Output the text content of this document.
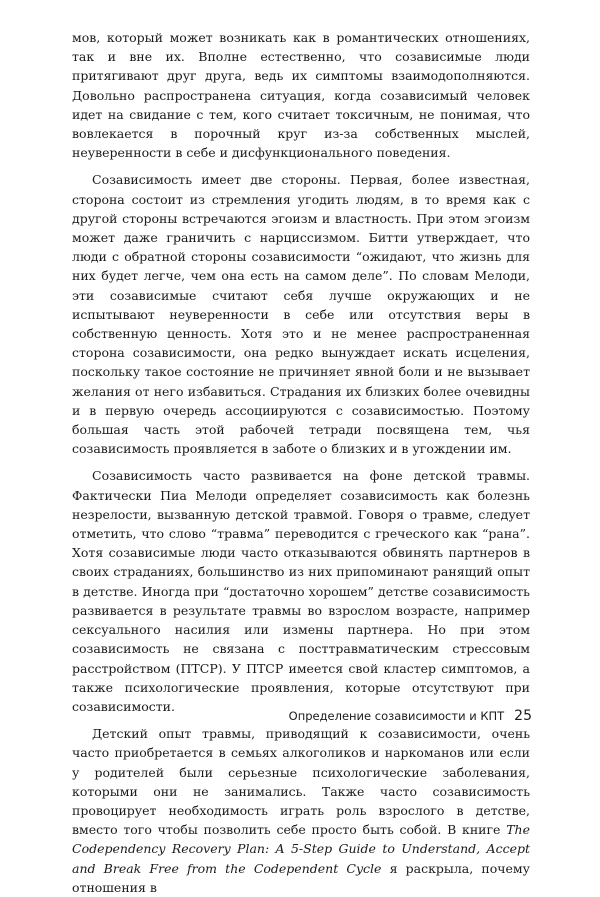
мов, который может возникать как в романтических отношениях, так и вне их. Вполне естественно, что созависимые люди притягивают друг друга, ведь их симптомы взаимодополняются. Довольно распространена ситуация, когда созависимый человек идет на свидание с тем, кого считает токсичным, не понимая, что вовлекается в порочный круг из-за собственных мыслей, неуверенности в себе и дисфункционального поведения.

Созависимость имеет две стороны. Первая, более известная, сторона состоит из стремления угодить людям, в то время как с другой стороны встречаются эгоизм и властность. При этом эгоизм может даже граничить с нарциссизмом. Битти утверждает, что люди с обратной стороны созависимости “ожидают, что жизнь для них будет легче, чем она есть на самом деле”. По словам Мелоди, эти созависимые считают себя лучше окружающих и не испытывают неуверенности в себе или отсутствия веры в собственную ценность. Хотя это и не менее распространенная сторона созависимости, она редко вынуждает искать исцеления, поскольку такое состояние не причиняет явной боли и не вызывает желания от него избавиться. Страдания их близких более очевидны и в первую очередь ассоциируются с созависимостью. Поэтому большая часть этой рабочей тетради посвящена тем, чья созависимость проявляется в заботе о близких и в угождении им.

Созависимость часто развивается на фоне детской травмы. Фактически Пиа Мелоди определяет созависимость как болезнь незрелости, вызванную детской травмой. Говоря о травме, следует отметить, что слово “травма” переводится с греческого как “рана”. Хотя созависимые люди часто отказываются обвинять партнеров в своих страданиях, большинство из них припоминают ранящий опыт в детстве. Иногда при “достаточно хорошем” детстве созависимость развивается в результате травмы во взрослом возрасте, например сексуального насилия или измены партнера. Но при этом созависимость не связана с посттравматическим стрессовым расстройством (ПТСР). У ПТСР имеется свой кластер симптомов, а также психологические проявления, которые отсутствуют при созависимости.

Детский опыт травмы, приводящий к созависимости, очень часто приобретается в семьях алкоголиков и наркоманов или если у родителей были серьезные психологические заболевания, которыми они не занимались. Также часто созависимость провоцирует необходимость играть роль взрослого в детстве, вместо того чтобы позволить себе просто быть собой. В книге The Codependency Recovery Plan: A 5-Step Guide to Understand, Accept and Break Free from the Codependent Cycle я раскрыла, почему отношения в

Определение созависимости и КПТ 25
